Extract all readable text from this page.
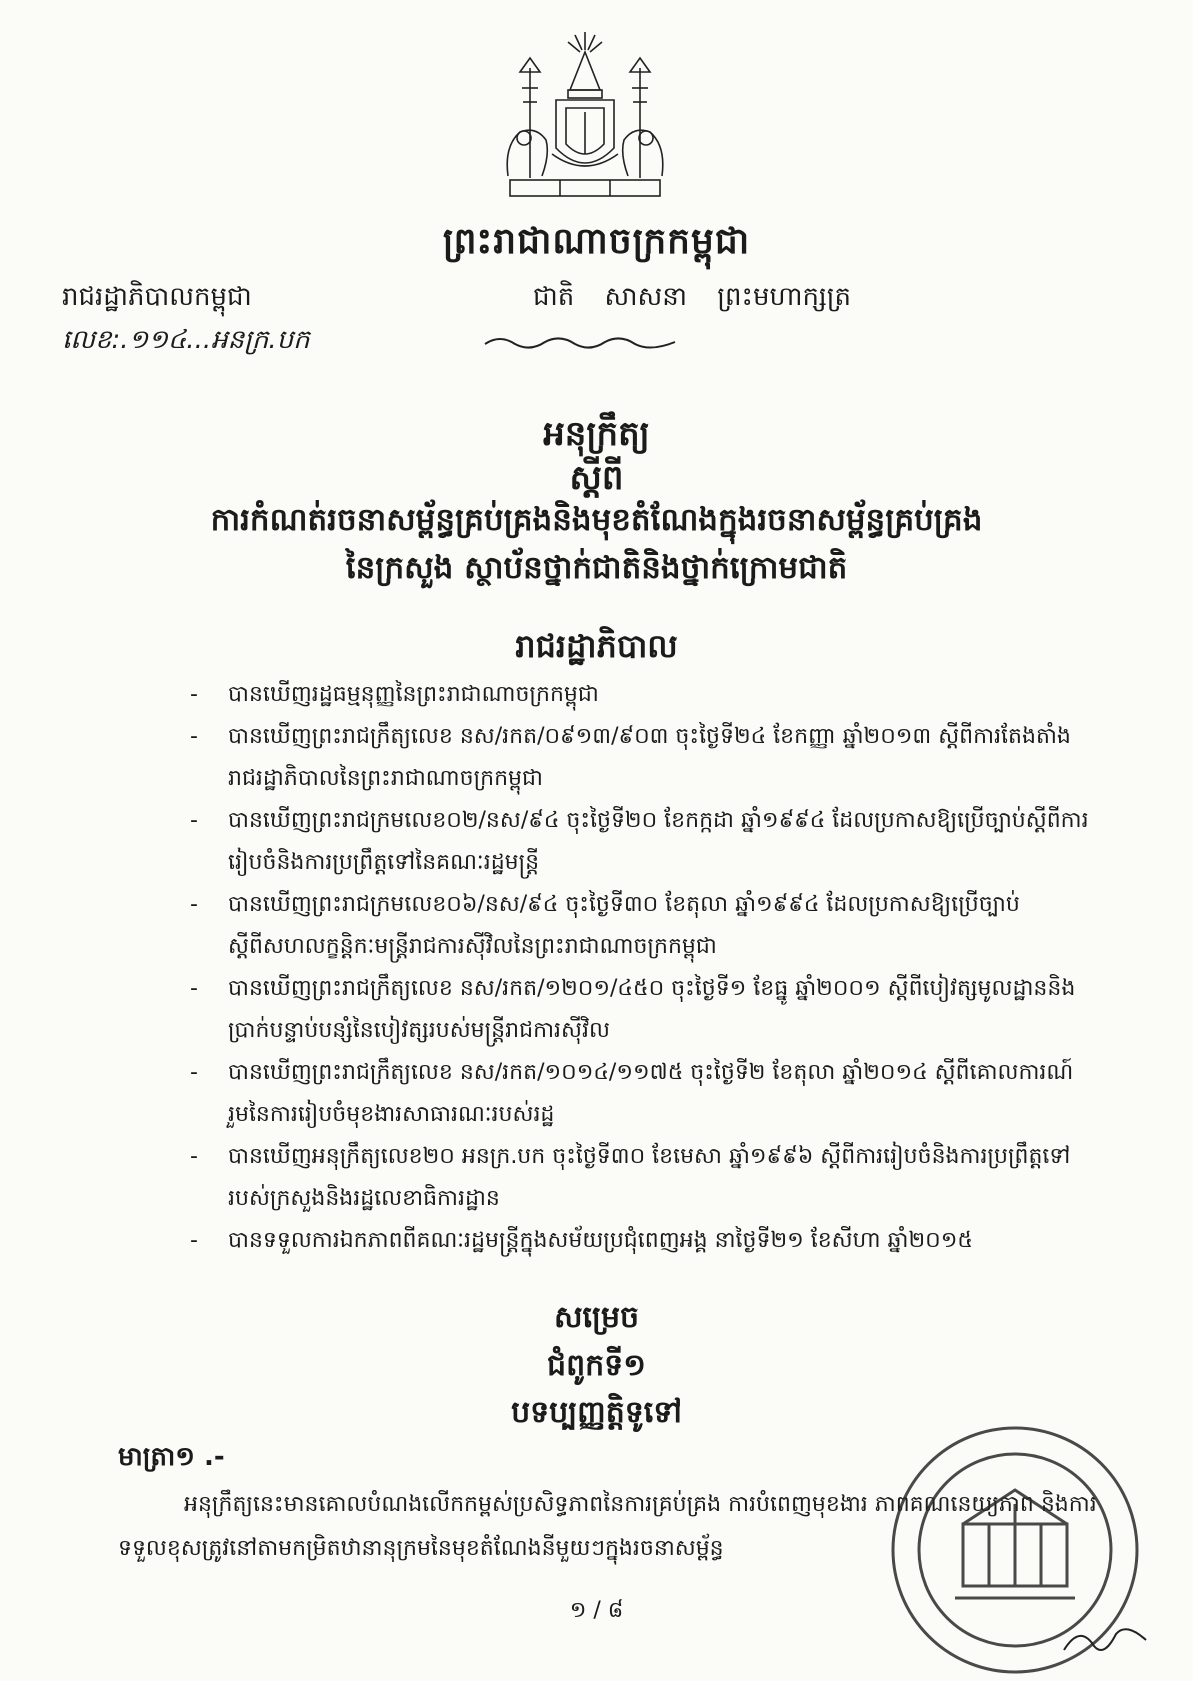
ព្រះរាជាណាចក្រកម្ពុជា
រាជរដ្ឋាភិបាលកម្ពុជា	ជាតិ សាសនា ព្រះមហាក្សត្រ
លេខ:.១១៤...អនក្រ.បក
អនុក្រឹត្យ
ស្តីពី
ការកំណត់រចនាសម្ព័ន្ធគ្រប់គ្រងនិងមុខតំណែងក្នុងរចនាសម្ព័ន្ធគ្រប់គ្រង
នៃក្រសួង ស្ថាប័នថ្នាក់ជាតិនិងថ្នាក់ក្រោមជាតិ
រាជរដ្ឋាភិបាល
- បានឃើញរដ្ឋធម្មនុញ្ញនៃព្រះរាជាណាចក្រកម្ពុជា
- បានឃើញព្រះរាជក្រឹត្យលេខ នស/រកត/០៩១៣/៩០៣ ចុះថ្ងៃទី២៤ ខែកញ្ញា ឆ្នាំ២០១៣ ស្តីពីការតែងតាំងរាជរដ្ឋាភិបាលនៃព្រះរាជាណាចក្រកម្ពុជា
- បានឃើញព្រះរាជក្រមលេខ០២/នស/៩៤ ចុះថ្ងៃទី២០ ខែកក្កដា ឆ្នាំ១៩៩៤ ដែលប្រកាសឱ្យប្រើច្បាប់ស្តីពីការរៀបចំនិងការប្រព្រឹត្តទៅនៃគណៈរដ្ឋមន្ត្រី
- បានឃើញព្រះរាជក្រមលេខ០៦/នស/៩៤ ចុះថ្ងៃទី៣០ ខែតុលា ឆ្នាំ១៩៩៤ ដែលប្រកាសឱ្យប្រើច្បាប់ស្តីពីសហលក្ខន្តិកៈមន្ត្រីរាជការស៊ីវិលនៃព្រះរាជាណាចក្រកម្ពុជា
- បានឃើញព្រះរាជក្រឹត្យលេខ នស/រកត/១២០១/៤៥០ ចុះថ្ងៃទី១ ខែធ្នូ ឆ្នាំ២០០១ ស្តីពីបៀវត្សមូលដ្ឋាននិងប្រាក់បន្ទាប់បន្សំនៃបៀវត្សរបស់មន្ត្រីរាជការស៊ីវិល
- បានឃើញព្រះរាជក្រឹត្យលេខ នស/រកត/១០១៤/១១៧៥ ចុះថ្ងៃទី២ ខែតុលា ឆ្នាំ២០១៤ ស្តីពីគោលការណ៍រួមនៃការរៀបចំមុខងារសាធារណៈរបស់រដ្ឋ
- បានឃើញអនុក្រឹត្យលេខ២០ អនក្រ.បក ចុះថ្ងៃទី៣០ ខែមេសា ឆ្នាំ១៩៩៦ ស្តីពីការរៀបចំនិងការប្រព្រឹត្តទៅរបស់ក្រសួងនិងរដ្ឋលេខាធិការដ្ឋាន
- បានទទួលការឯកភាពពីគណៈរដ្ឋមន្ត្រីក្នុងសម័យប្រជុំពេញអង្គ នាថ្ងៃទី២១ ខែសីហា ឆ្នាំ២០១៥
សម្រេច
ជំពូកទី១
បទប្បញ្ញត្តិទូទៅ
មាត្រា១ .-
អនុក្រឹត្យនេះមានគោលបំណងលើកកម្ពស់ប្រសិទ្ធភាពនៃការគ្រប់គ្រង ការបំពេញមុខងារ ភាពគណនេយ្យភាព និងការទទួលខុសត្រូវនៅតាមកម្រិតឋានានុក្រមនៃមុខតំណែងនីមួយៗក្នុងរចនាសម្ព័ន្ធ
១ / ៨
